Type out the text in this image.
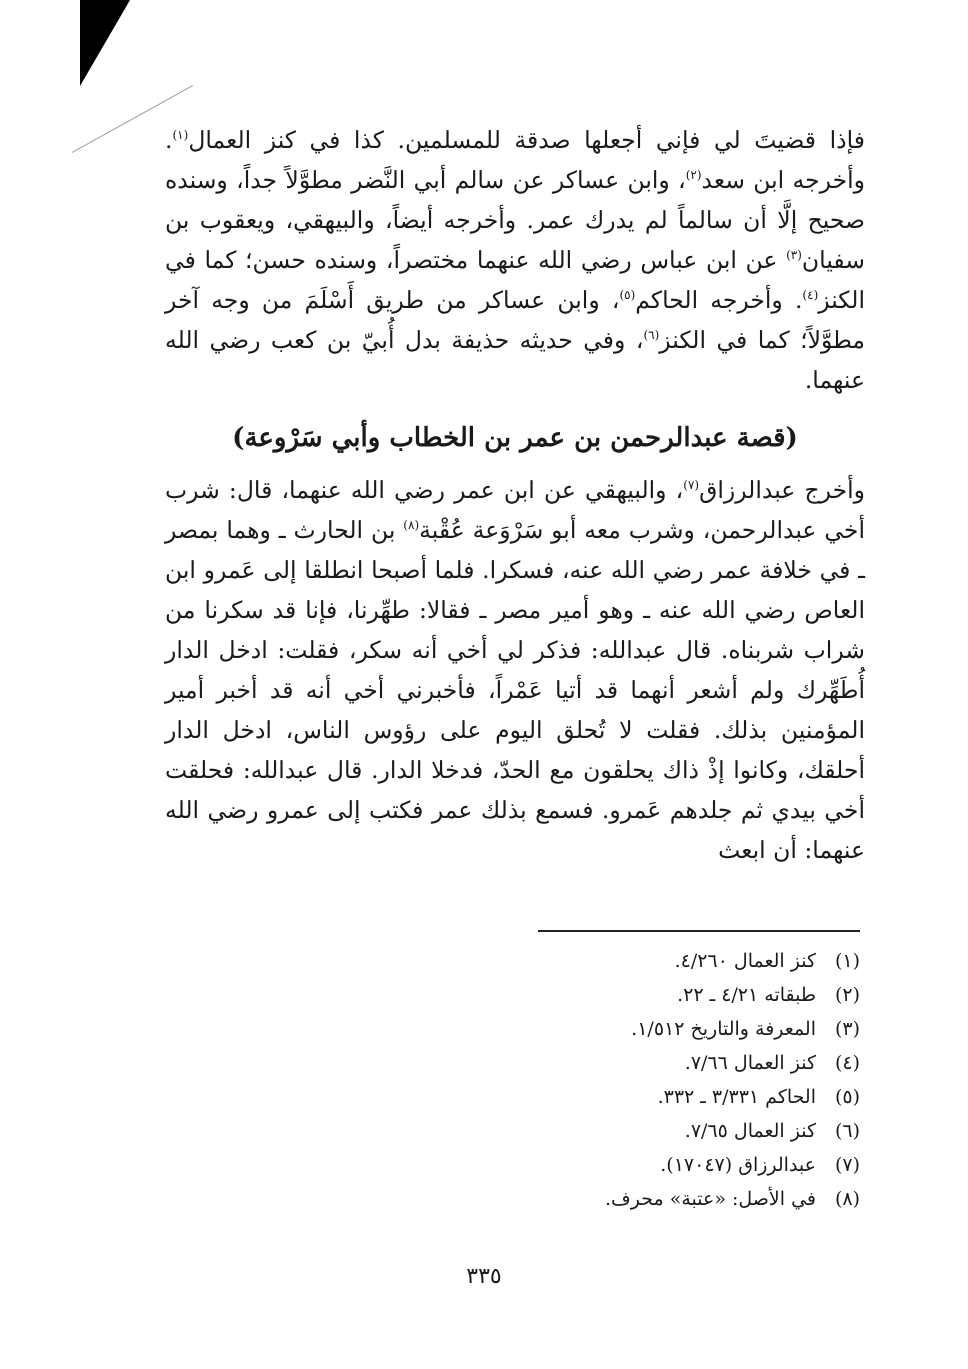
فإذا قضيتَ لي فإني أجعلها صدقة للمسلمين. كذا في كنز العمال$^{(١)}$. وأخرجه ابن سعد$^{(٢)}$، وابن عساكر عن سالم أبي النَّضر مطوَّلاً جداً، وسنده صحيح إلَّا أن سالماً لم يدرك عمر. وأخرجه أيضاً، والبيهقي، ويعقوب بن سفيان$^{(٣)}$ عن ابن عباس رضي الله عنهما مختصراً، وسنده حسن؛ كما في الكنز$^{(٤)}$. وأخرجه الحاكم$^{(٥)}$، وابن عساكر من طريق أَسْلَمَ من وجه آخر مطوَّلاً؛ كما في الكنز$^{(٦)}$، وفي حديثه حذيفة بدل أُبيّ بن كعب رضي الله عنهما.

(قصة عبدالرحمن بن عمر بن الخطاب وأبي سَرْوعة)

وأخرج عبدالرزاق$^{(٧)}$، والبيهقي عن ابن عمر رضي الله عنهما، قال: شرب أخي عبدالرحمن، وشرب معه أبو سَرْوَعة عُقْبة$^{(٨)}$ بن الحارث ـ وهما بمصر ـ في خلافة عمر رضي الله عنه، فسكرا. فلما أصبحا انطلقا إلى عَمرو ابن العاص رضي الله عنه ـ وهو أمير مصر ـ فقالا: طهِّرنا، فإنا قد سكرنا من شراب شربناه. قال عبدالله: فذكر لي أخي أنه سكر، فقلت: ادخل الدار أُطَهِّرك ولم أشعر أنهما قد أتيا عَمْراً، فأخبرني أخي أنه قد أخبر أمير المؤمنين بذلك. فقلت لا تُحلق اليوم على رؤوس الناس، ادخل الدار أحلقك، وكانوا إذْ ذاك يحلقون مع الحدّ، فدخلا الدار. قال عبدالله: فحلقت أخي بيدي ثم جلدهم عَمرو. فسمع بذلك عمر فكتب إلى عمرو رضي الله عنهما: أن ابعث

(١)كنز العمال ٤/٢٦٠.
(٢)طبقاته ٤/٢١ ـ ٢٢.
(٣)المعرفة والتاريخ ١/٥١٢.
(٤)كنز العمال ٧/٦٦.
(٥)الحاكم ٣/٣٣١ ـ ٣٣٢.
(٦)كنز العمال ٧/٦٥.
(٧)عبدالرزاق (١٧٠٤٧).
(٨)في الأصل: «عتبة» محرف.
٣٣٥
